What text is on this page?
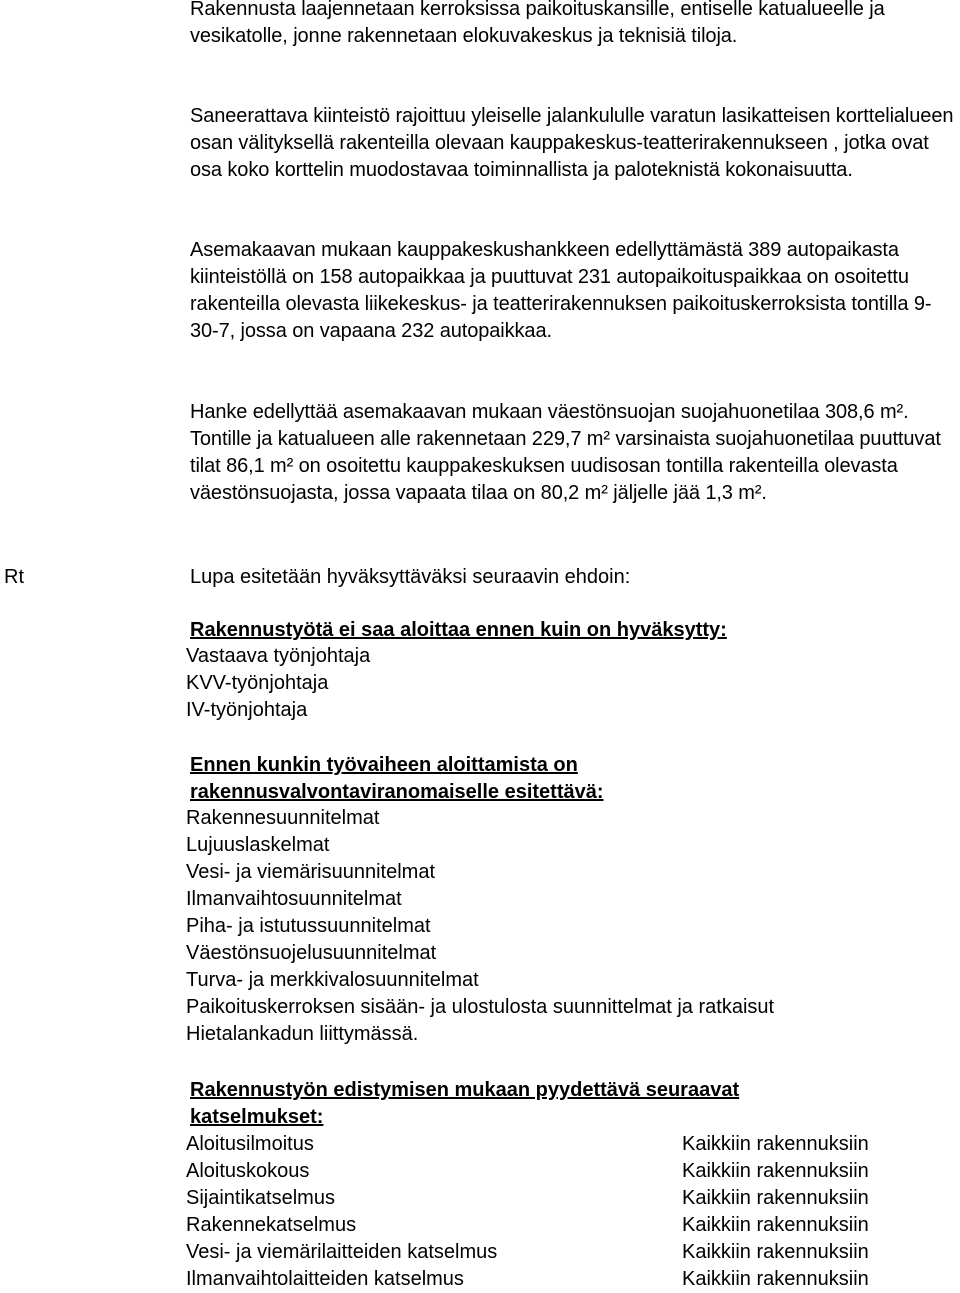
Rakennusta laajennetaan kerroksissa paikoituskansille, entiselle katualueelle ja vesikatolle, jonne rakennetaan elokuvakeskus ja teknisiä tiloja.

Saneerattava kiinteistö rajoittuu yleiselle jalankululle varatun lasikatteisen korttelialueen osan välityksellä rakenteilla olevaan kauppakeskus-teatterirakennukseen , jotka ovat osa koko korttelin muodostavaa toiminnallista ja paloteknistä kokonaisuutta.

Asemakaavan mukaan kauppakeskushankkeen edellyttämästä 389 autopaikasta kiinteistöllä on 158 autopaikkaa ja puuttuvat 231 autopaikoituspaikkaa on osoitettu rakenteilla olevasta liikekeskus- ja teatterirakennuksen paikoituskerroksista tontilla 9-30-7, jossa on vapaana 232 autopaikkaa.

Hanke edellyttää asemakaavan mukaan väestönsuojan suojahuonetilaa 308,6 m². Tontille ja katualueen alle rakennetaan 229,7 m² varsinaista suojahuonetilaa puuttuvat tilat 86,1 m² on osoitettu kauppakeskuksen uudisosan tontilla rakenteilla olevasta väestönsuojasta, jossa vapaata tilaa on 80,2 m² jäljelle jää 1,3 m².

Rt	Lupa esitetään hyväksyttäväksi seuraavin ehdoin:
Rakennustyötä ei saa aloittaa ennen kuin on hyväksytty:
Vastaava työnjohtaja
KVV-työnjohtaja
IV-työnjohtaja
Ennen kunkin työvaiheen aloittamista on
rakennusvalvontaviranomaiselle esitettävä:
Rakennesuunnitelmat
Lujuuslaskelmat
Vesi- ja viemärisuunnitelmat
Ilmanvaihtosuunnitelmat
Piha- ja istutussuunnitelmat
Väestönsuojelusuunnitelmat
Turva- ja merkkivalosuunnitelmat
Paikoituskerroksen sisään- ja ulostulosta suunnittelmat ja ratkaisut
Hietalankadun liittymässä.
Rakennustyön edistymisen mukaan pyydettävä seuraavat
katselmukset:
Aloitusilmoitus	Kaikkiin rakennuksiin
Aloituskokous	Kaikkiin rakennuksiin
Sijaintikatselmus	Kaikkiin rakennuksiin
Rakennekatselmus	Kaikkiin rakennuksiin
Vesi- ja viemärilaitteiden katselmus	Kaikkiin rakennuksiin
Ilmanvaihtolaitteiden katselmus	Kaikkiin rakennuksiin
